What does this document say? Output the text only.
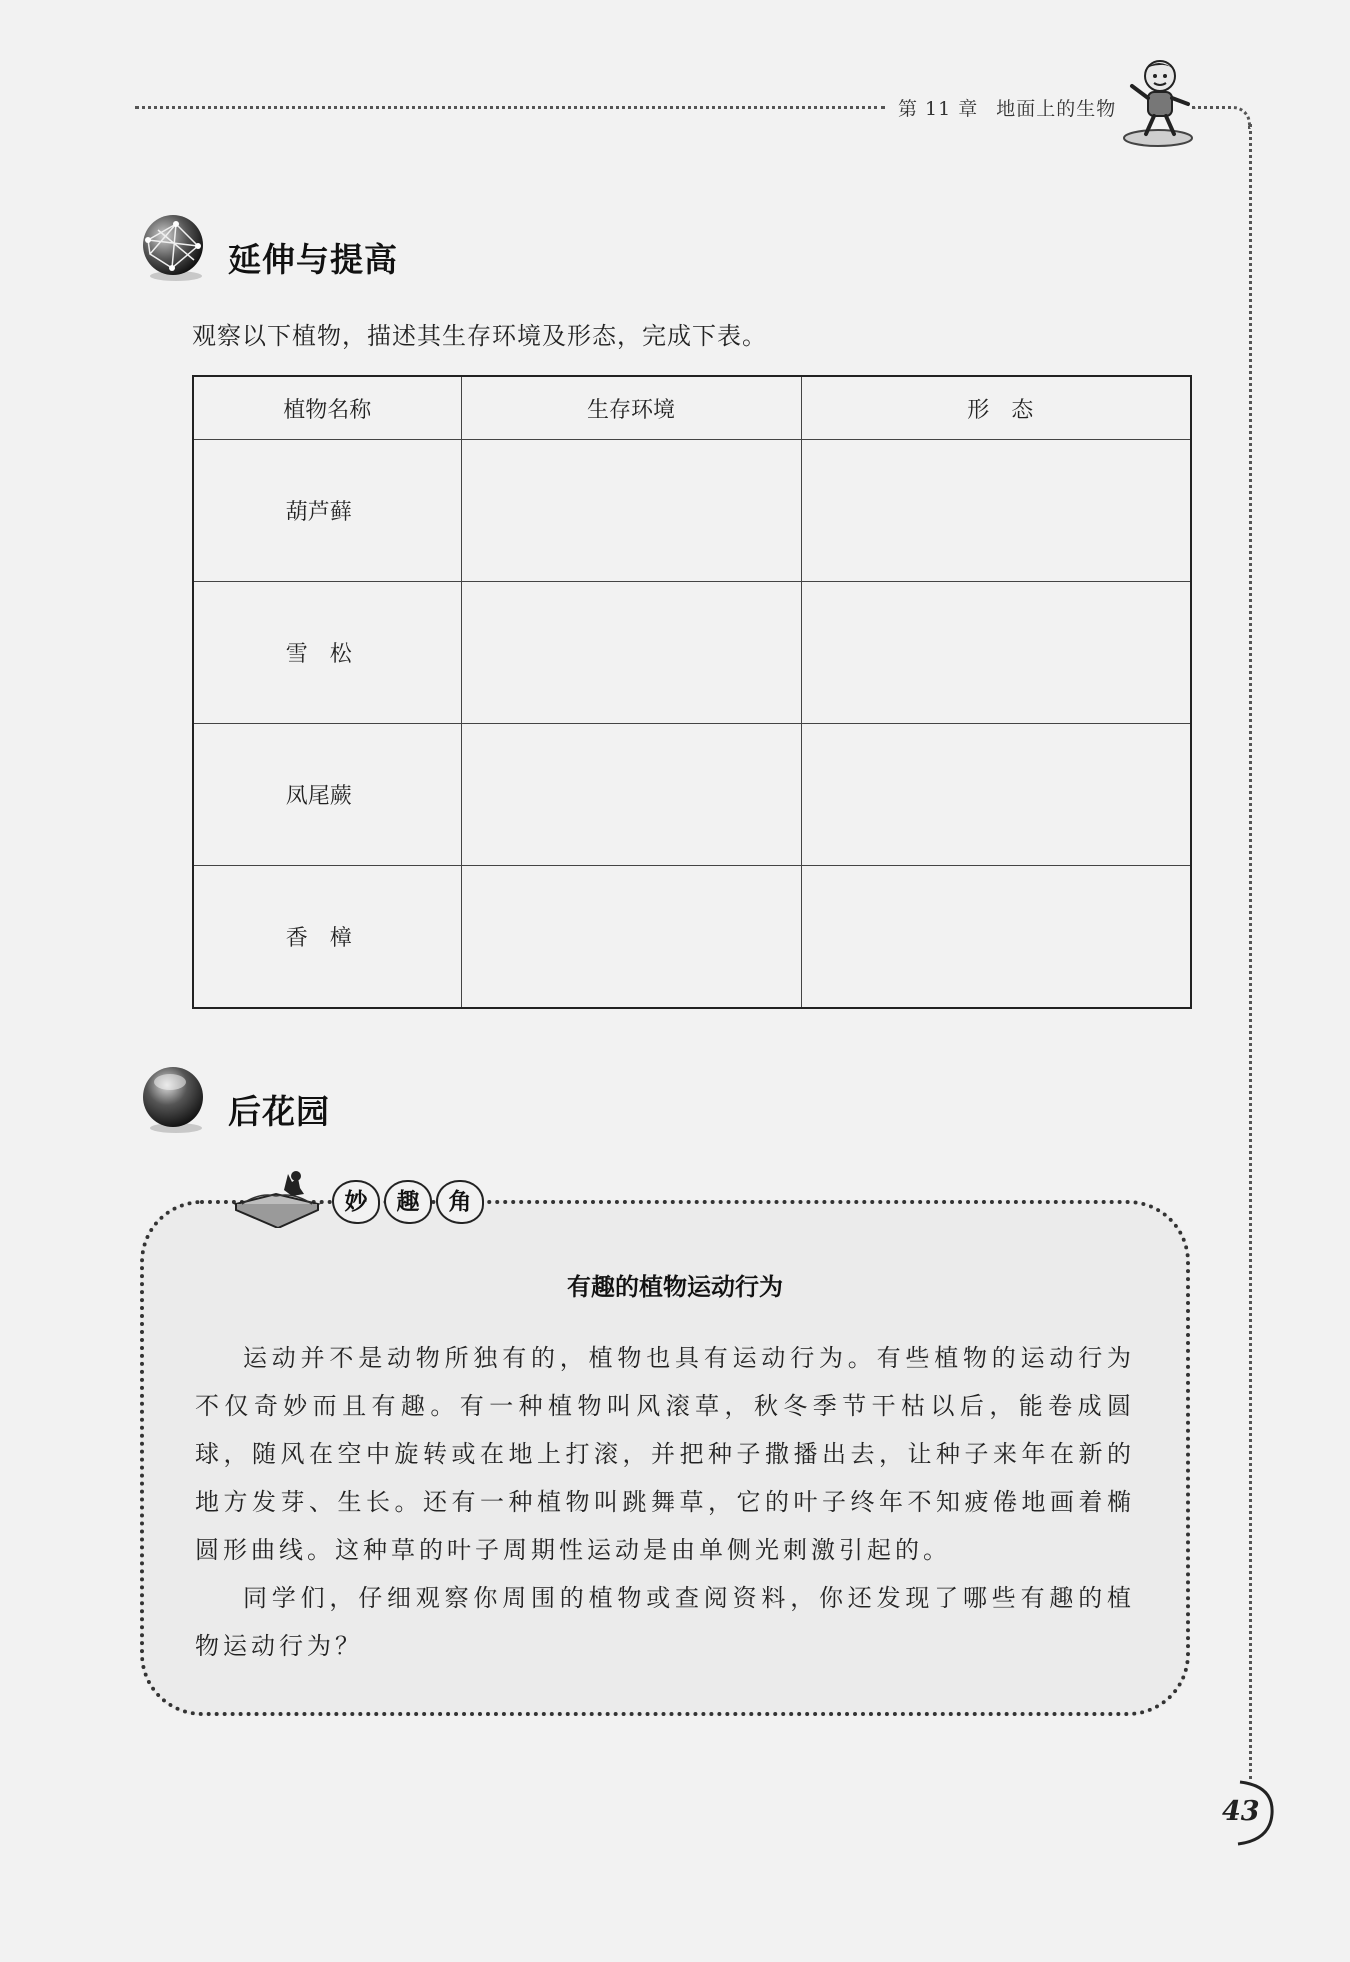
第 11 章 地面上的生物
延伸与提高
观察以下植物，描述其生存环境及形态，完成下表。
植物名称	生存环境	形　态
葫芦藓		
雪　松		
凤尾蕨		
香　樟		
后花园
妙	趣	角
有趣的植物运动行为

运动并不是动物所独有的，植物也具有运动行为。有些植物的运动行为不仅奇妙而且有趣。有一种植物叫风滚草，秋冬季节干枯以后，能卷成圆球，随风在空中旋转或在地上打滚，并把种子撒播出去，让种子来年在新的地方发芽、生长。还有一种植物叫跳舞草，它的叶子终年不知疲倦地画着椭圆形曲线。这种草的叶子周期性运动是由单侧光刺激引起的。

同学们，仔细观察你周围的植物或查阅资料，你还发现了哪些有趣的植物运动行为？

43
